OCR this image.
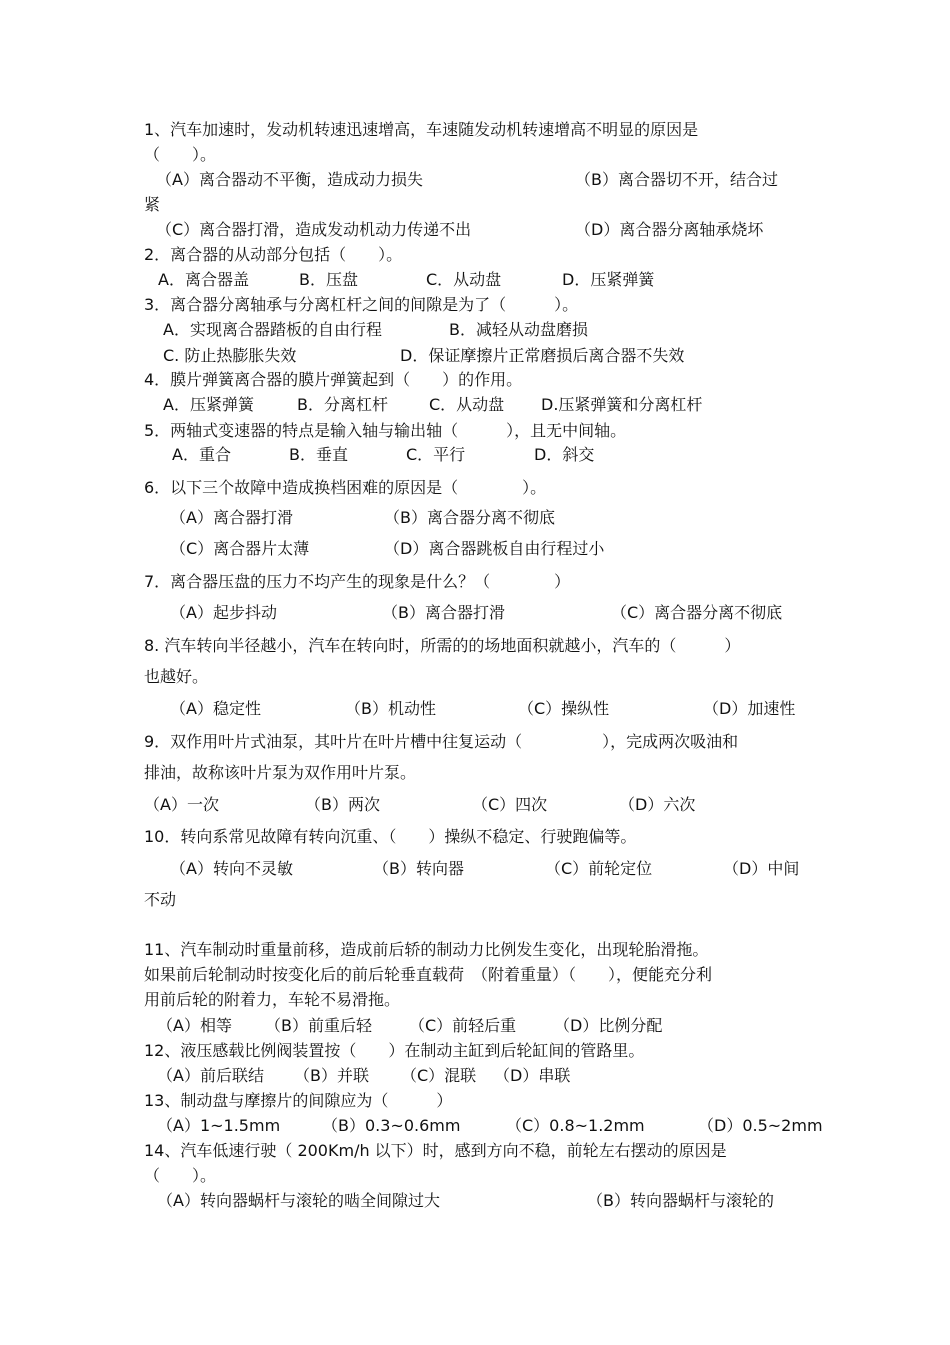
1、汽车加速时，发动机转速迅速增高，车速随发动机转速增高不明显的原因是
（　　）。
（A）离合器动不平衡，造成动力损失	（B）离合器切不开，结合过
紧
（C）离合器打滑，造成发动机动力传递不出	（D）离合器分离轴承烧坏
2．离合器的从动部分包括（　　）。
A．离合器盖	B．压盘	C．从动盘	D．压紧弹簧
3．离合器分离轴承与分离杠杆之间的间隙是为了（　　　）。
A．实现离合器踏板的自由行程	B．减轻从动盘磨损
C. 防止热膨胀失效	D．保证摩擦片正常磨损后离合器不失效
4．膜片弹簧离合器的膜片弹簧起到（　　）的作用。
A．压紧弹簧	B．分离杠杆	C．从动盘 D.压紧弹簧和分离杠杆
5．两轴式变速器的特点是输入轴与输出轴（　　　），且无中间轴。
A．重合	B．垂直	C．平行	D．斜交
6．以下三个故障中造成换档困难的原因是（　　　　）。
（A）离合器打滑	（B）离合器分离不彻底
（C）离合器片太薄	（D）离合器跳板自由行程过小
7．离合器压盘的压力不均产生的现象是什么？（　　　　）
（A）起步抖动	（B）离合器打滑	（C）离合器分离不彻底
8. 汽车转向半径越小，汽车在转向时，所需的的场地面积就越小，汽车的（　　　）
也越好。
（A）稳定性	（B）机动性	（C）操纵性	（D）加速性
9．双作用叶片式油泵，其叶片在叶片槽中往复运动（　　　　　），完成两次吸油和
排油，故称该叶片泵为双作用叶片泵。
（A）一次	（B）两次	（C）四次	（D）六次
10．转向系常见故障有转向沉重、（　　）操纵不稳定、行驶跑偏等。
（A）转向不灵敏	（B）转向器	（C）前轮定位	（D）中间
不动
11、汽车制动时重量前移，造成前后轿的制动力比例发生变化，出现轮胎滑拖。
如果前后轮制动时按变化后的前后轮垂直载荷　（附着重量）（　　），便能充分利
用前后轮的附着力，车轮不易滑拖。
（A）相等 （B）前重后轻 （C）前轻后重 （D）比例分配
12、液压感载比例阀装置按（　　）在制动主缸到后轮缸间的管路里。
（A）前后联结 （B）并联 （C）混联 （D）串联
13、制动盘与摩擦片的间隙应为（　　　）
（A）1~1.5mm	（B）0.3~0.6mm	（C）0.8~1.2mm	（D）0.5~2mm
14、汽车低速行驶（ 200Km/h 以下）时，感到方向不稳，前轮左右摆动的原因是
（　　）。
（A）转向器蜗杆与滚轮的啮全间隙过大	（B）转向器蜗杆与滚轮的
